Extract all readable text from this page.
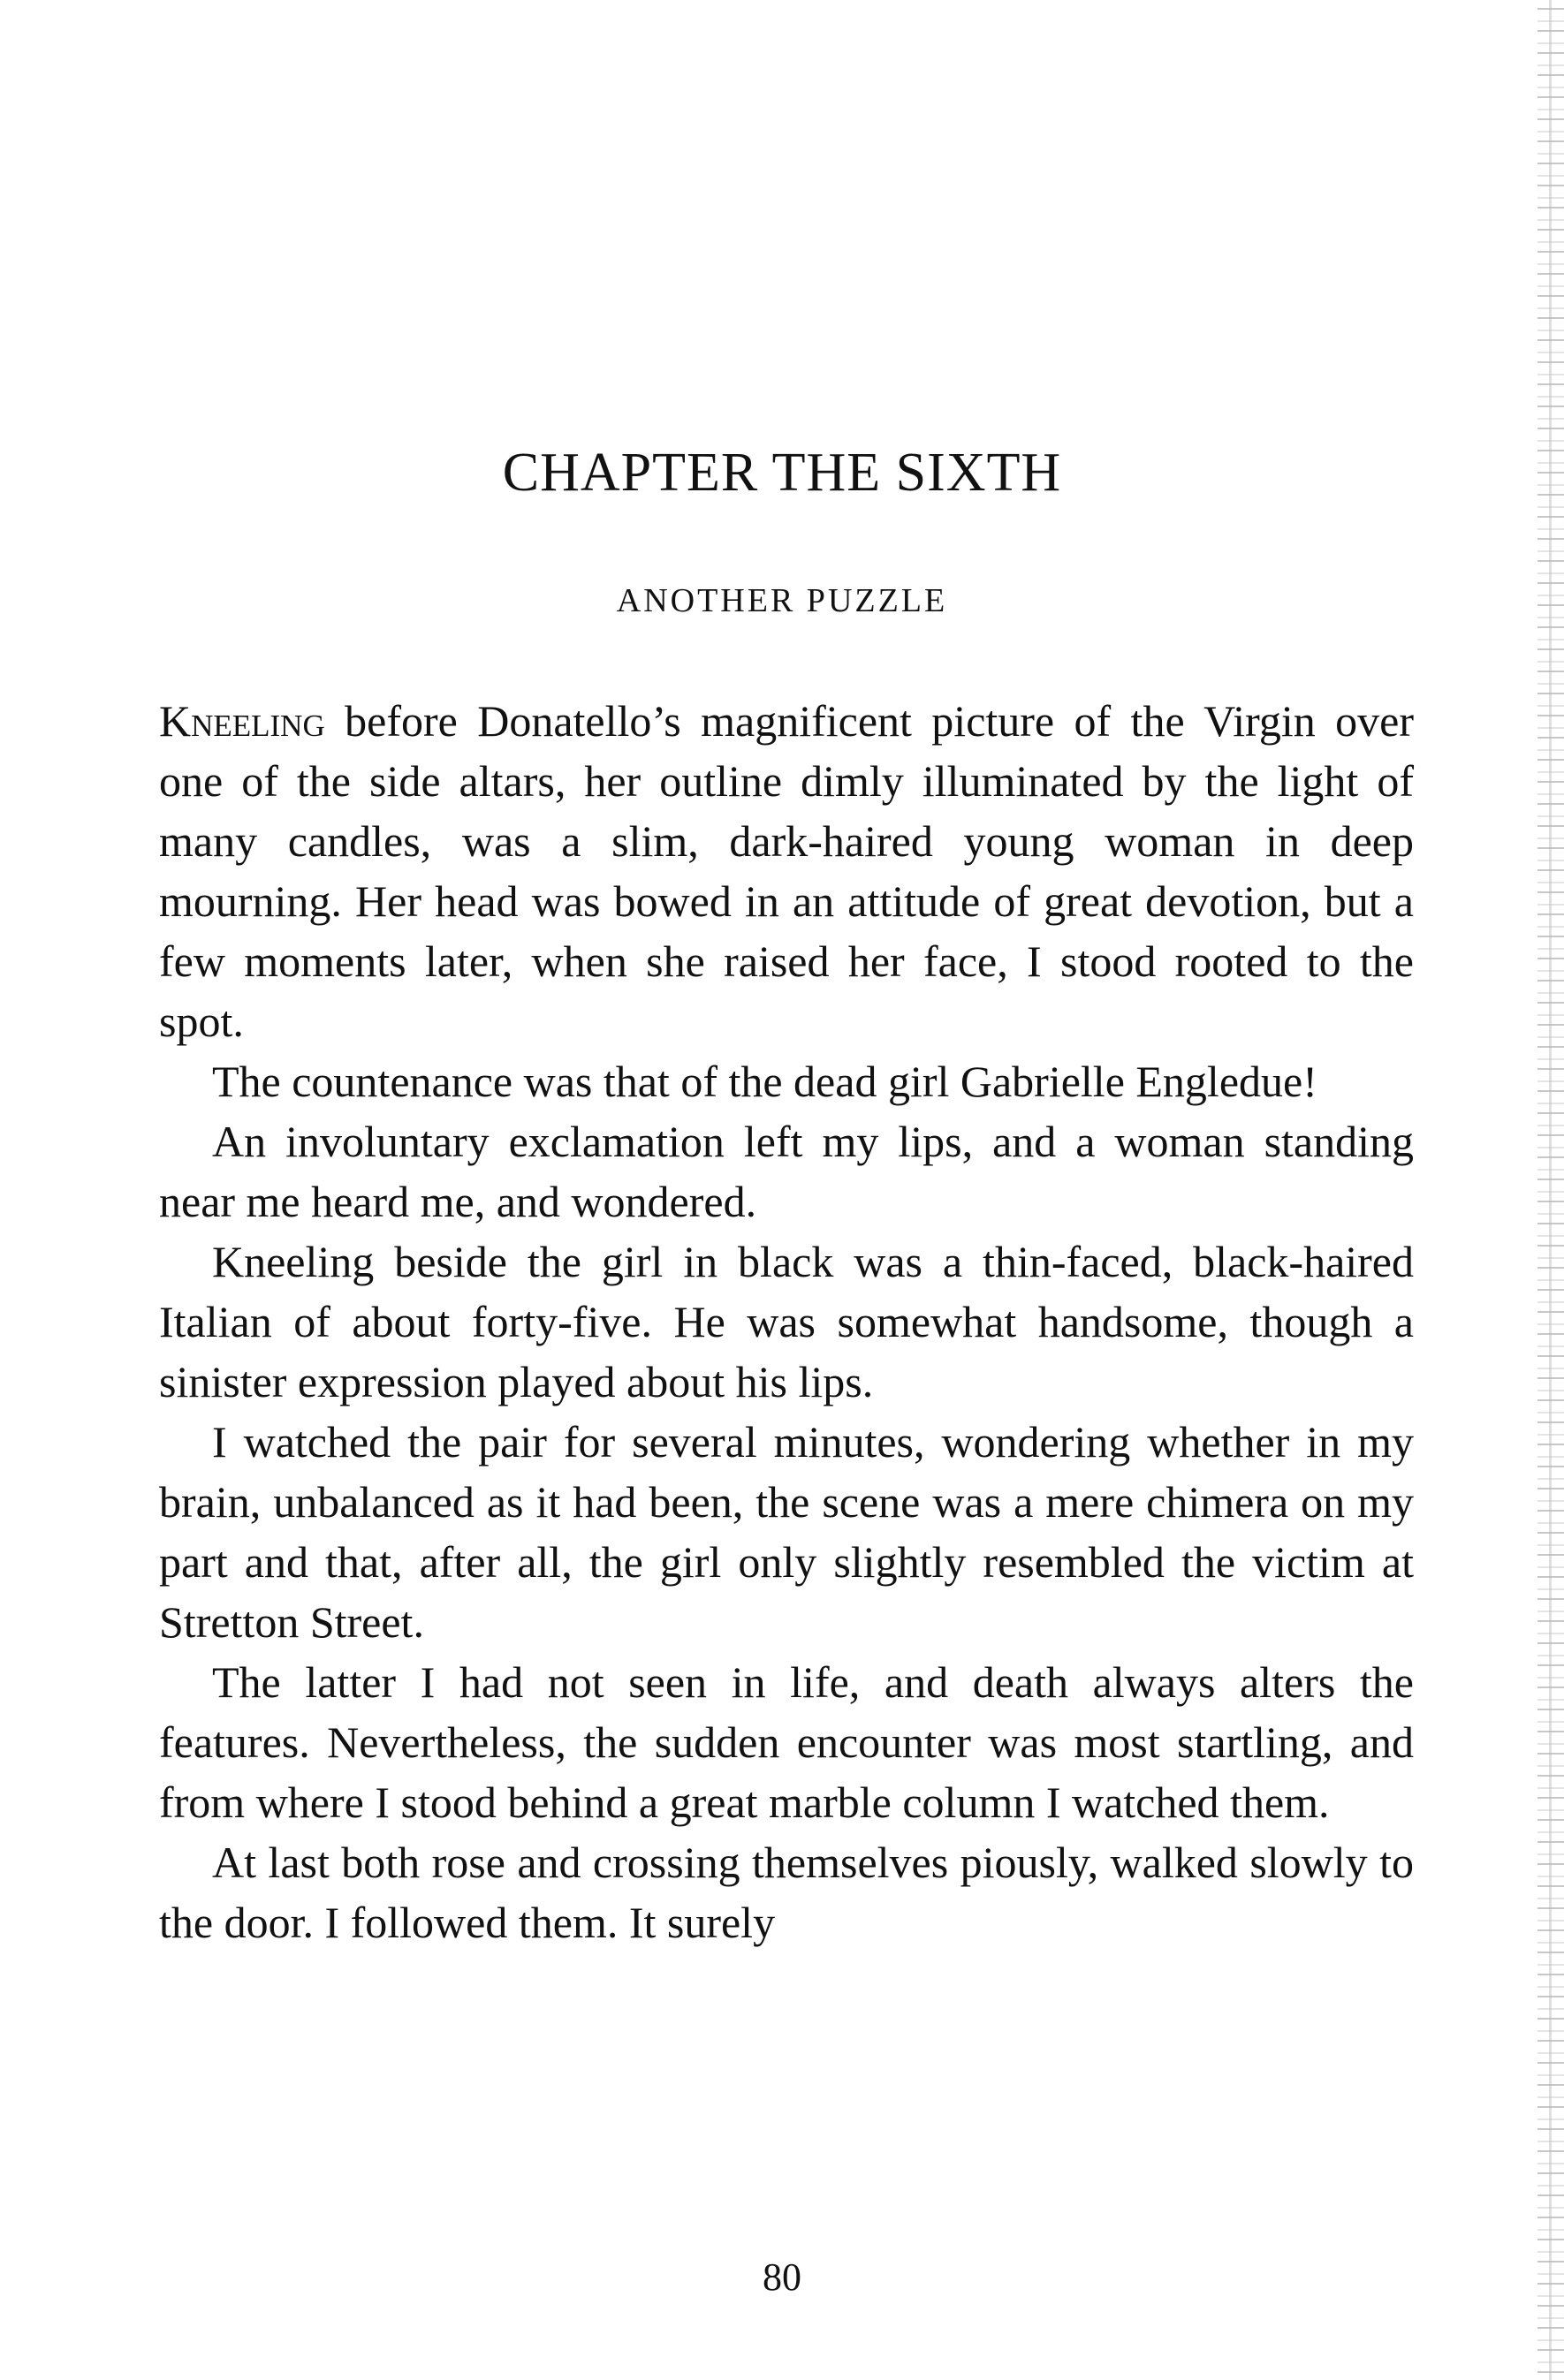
CHAPTER THE SIXTH
ANOTHER PUZZLE

Kneeling before Donatello’s magnificent picture of the Virgin over one of the side altars, her outline dimly illuminated by the light of many candles, was a slim, dark-haired young woman in deep mourning. Her head was bowed in an attitude of great devotion, but a few moments later, when she raised her face, I stood rooted to the spot.

The countenance was that of the dead girl Gabrielle Engledue!

An involuntary exclamation left my lips, and a woman standing near me heard me, and wondered.

Kneeling beside the girl in black was a thin-faced, black-haired Italian of about forty-five. He was somewhat handsome, though a sinister expression played about his lips.

I watched the pair for several minutes, wondering whether in my brain, unbalanced as it had been, the scene was a mere chimera on my part and that, after all, the girl only slightly resembled the victim at Stretton Street.

The latter I had not seen in life, and death always alters the features. Nevertheless, the sudden encounter was most startling, and from where I stood behind a great marble column I watched them.

At last both rose and crossing themselves piously, walked slowly to the door. I followed them. It surely

80
